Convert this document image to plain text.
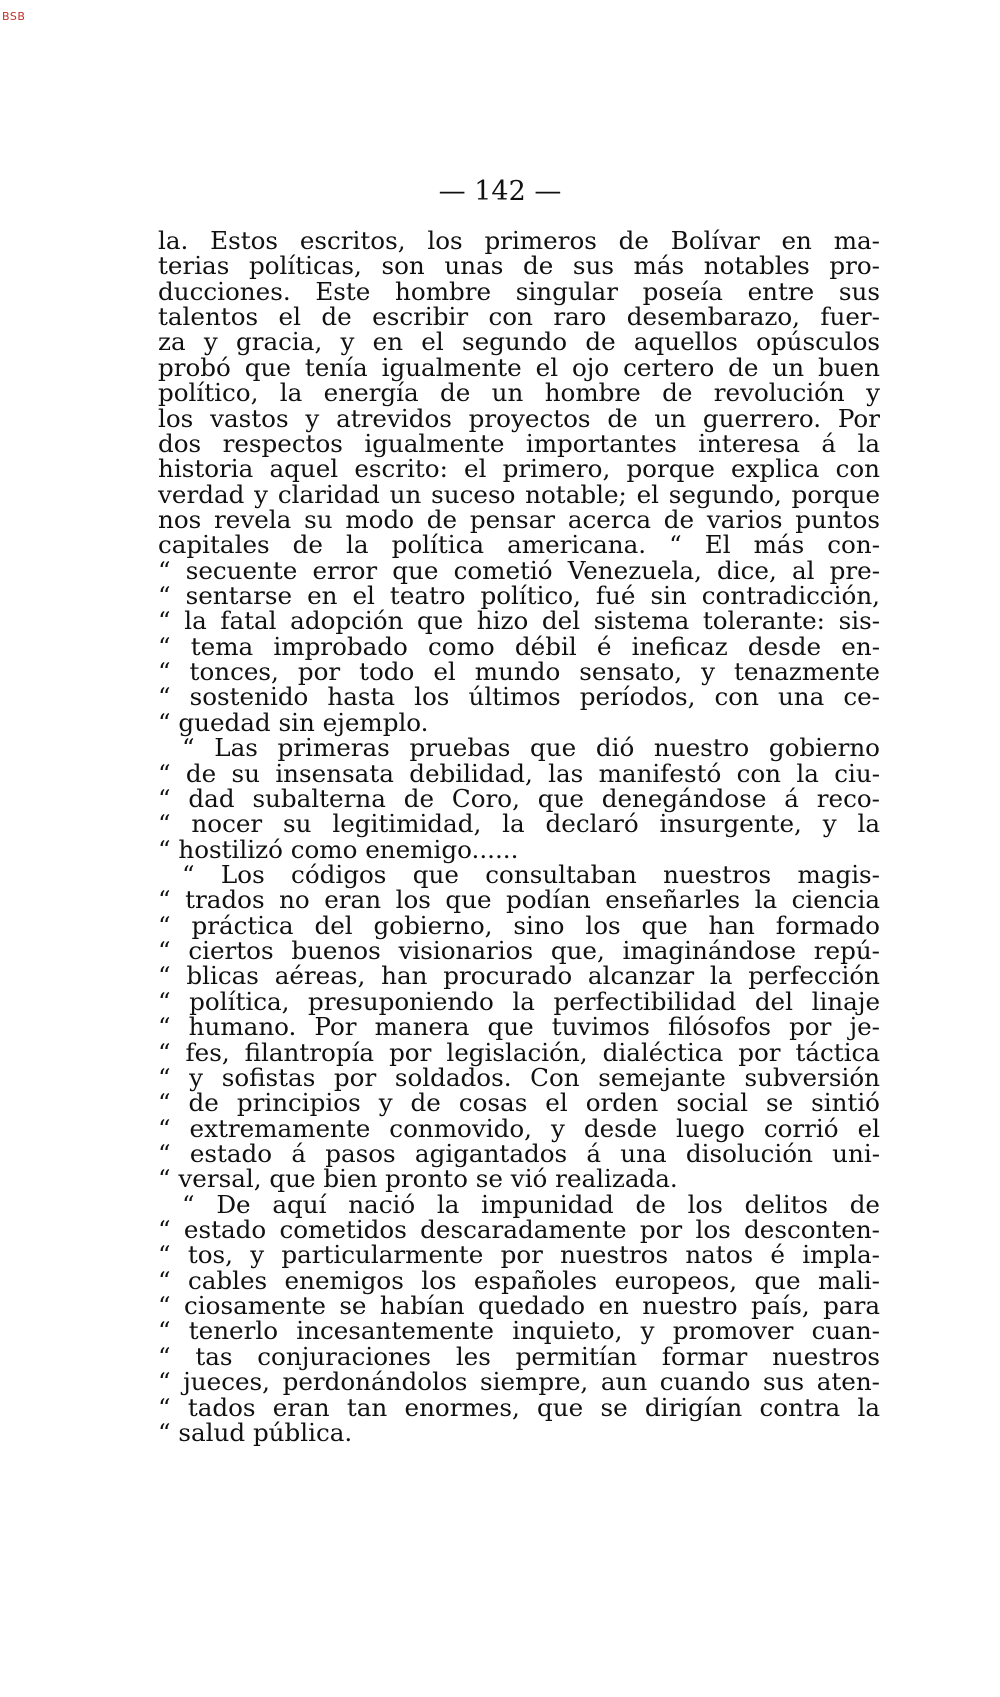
BSB
— 142 —
la. Estos escritos, los primeros de Bolívar en ma-
terias políticas, son unas de sus más notables pro-
ducciones. Este hombre singular poseía entre sus
talentos el de escribir con raro desembarazo, fuer-
za y gracia, y en el segundo de aquellos opúsculos
probó que tenía igualmente el ojo certero de un buen
político, la energía de un hombre de revolución y
los vastos y atrevidos proyectos de un guerrero. Por
dos respectos igualmente importantes interesa á la
historia aquel escrito: el primero, porque explica con
verdad y claridad un suceso notable; el segundo, porque
nos revela su modo de pensar acerca de varios puntos
capitales de la política americana. “ El más con-
“ secuente error que cometió Venezuela, dice, al pre-
“ sentarse en el teatro político, fué sin contradicción,
“ la fatal adopción que hizo del sistema tolerante: sis-
“ tema improbado como débil é ineficaz desde en-
“ tonces, por todo el mundo sensato, y tenazmente
“ sostenido hasta los últimos períodos, con una ce-
“ guedad sin ejemplo.
“ Las primeras pruebas que dió nuestro gobierno
“ de su insensata debilidad, las manifestó con la ciu-
“ dad subalterna de Coro, que denegándose á reco-
“ nocer su legitimidad, la declaró insurgente, y la
“ hostilizó como enemigo......
“ Los códigos que consultaban nuestros magis-
“ trados no eran los que podían enseñarles la ciencia
“ práctica del gobierno, sino los que han formado
“ ciertos buenos visionarios que, imaginándose repú-
“ blicas aéreas, han procurado alcanzar la perfección
“ política, presuponiendo la perfectibilidad del linaje
“ humano. Por manera que tuvimos filósofos por je-
“ fes, filantropía por legislación, dialéctica por táctica
“ y sofistas por soldados. Con semejante subversión
“ de principios y de cosas el orden social se sintió
“ extremamente conmovido, y desde luego corrió el
“ estado á pasos agigantados á una disolución uni-
“ versal, que bien pronto se vió realizada.
“ De aquí nació la impunidad de los delitos de
“ estado cometidos descaradamente por los desconten-
“ tos, y particularmente por nuestros natos é impla-
“ cables enemigos los españoles europeos, que mali-
“ ciosamente se habían quedado en nuestro país, para
“ tenerlo incesantemente inquieto, y promover cuan-
“ tas conjuraciones les permitían formar nuestros
“ jueces, perdonándolos siempre, aun cuando sus aten-
“ tados eran tan enormes, que se dirigían contra la
“ salud pública.
